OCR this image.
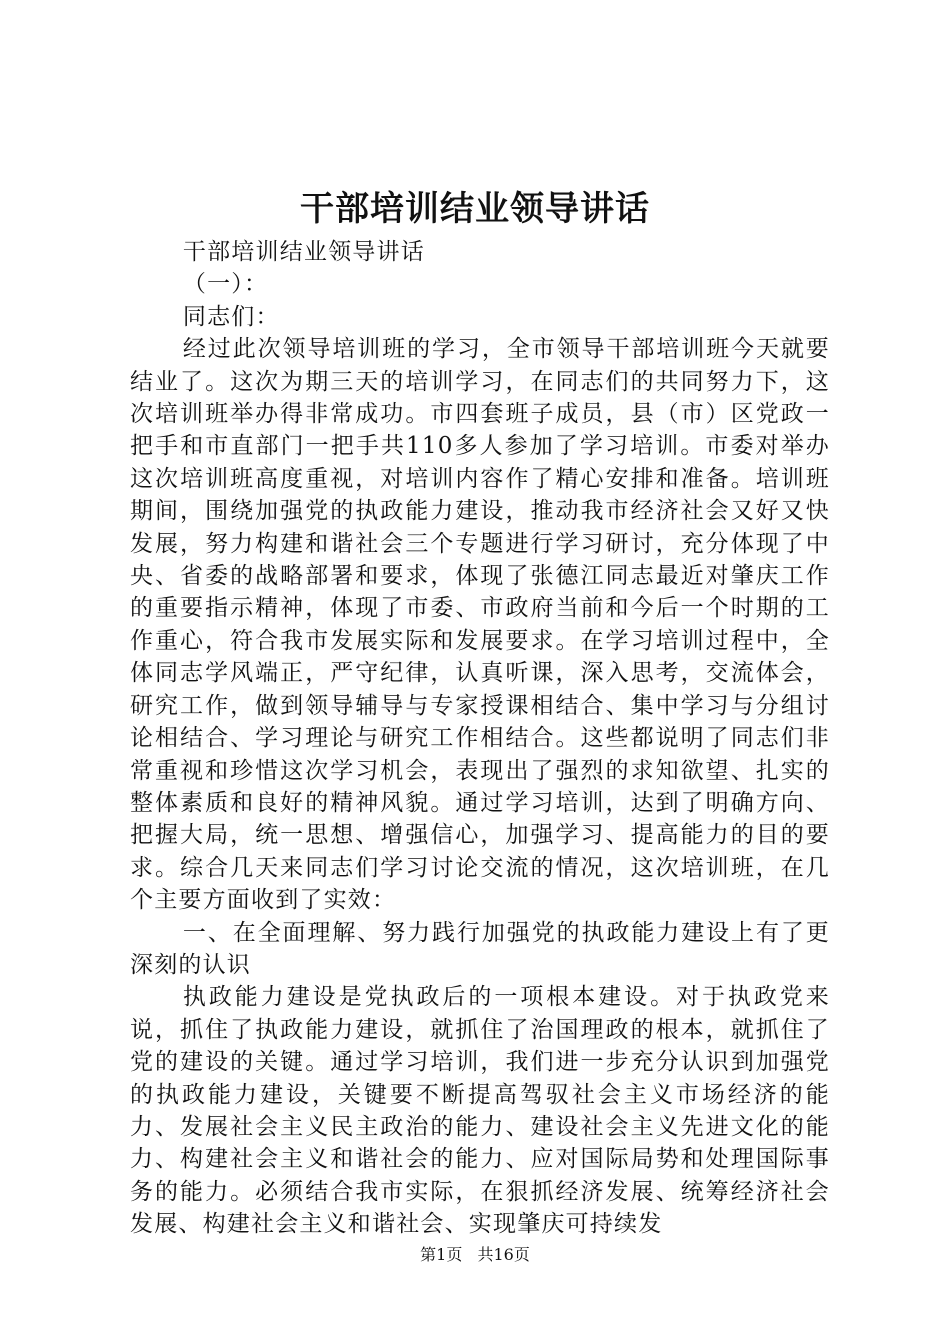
干部培训结业领导讲话

干部培训结业领导讲话

（一）：

同志们：

经过此次领导培训班的学习，全市领导干部培训班今天就要结业了。这次为期三天的培训学习，在同志们的共同努力下，这次培训班举办得非常成功。市四套班子成员，县（市）区党政一把手和市直部门一把手共110多人参加了学习培训。市委对举办这次培训班高度重视，对培训内容作了精心安排和准备。培训班期间，围绕加强党的执政能力建设，推动我市经济社会又好又快发展，努力构建和谐社会三个专题进行学习研讨，充分体现了中央、省委的战略部署和要求，体现了张德江同志最近对肇庆工作的重要指示精神，体现了市委、市政府当前和今后一个时期的工作重心，符合我市发展实际和发展要求。在学习培训过程中，全体同志学风端正，严守纪律，认真听课，深入思考，交流体会，研究工作，做到领导辅导与专家授课相结合、集中学习与分组讨论相结合、学习理论与研究工作相结合。这些都说明了同志们非常重视和珍惜这次学习机会，表现出了强烈的求知欲望、扎实的整体素质和良好的精神风貌。通过学习培训，达到了明确方向、把握大局，统一思想、增强信心，加强学习、提高能力的目的要求。综合几天来同志们学习讨论交流的情况，这次培训班，在几个主要方面收到了实效：

一、在全面理解、努力践行加强党的执政能力建设上有了更深刻的认识

执政能力建设是党执政后的一项根本建设。对于执政党来说，抓住了执政能力建设，就抓住了治国理政的根本，就抓住了党的建设的关键。通过学习培训，我们进一步充分认识到加强党的执政能力建设，关键要不断提高驾驭社会主义市场经济的能力、发展社会主义民主政治的能力、建设社会主义先进文化的能力、构建社会主义和谐社会的能力、应对国际局势和处理国际事务的能力。必须结合我市实际，在狠抓经济发展、统筹经济社会发展、构建社会主义和谐社会、实现肇庆可持续发

第1页 共16页
